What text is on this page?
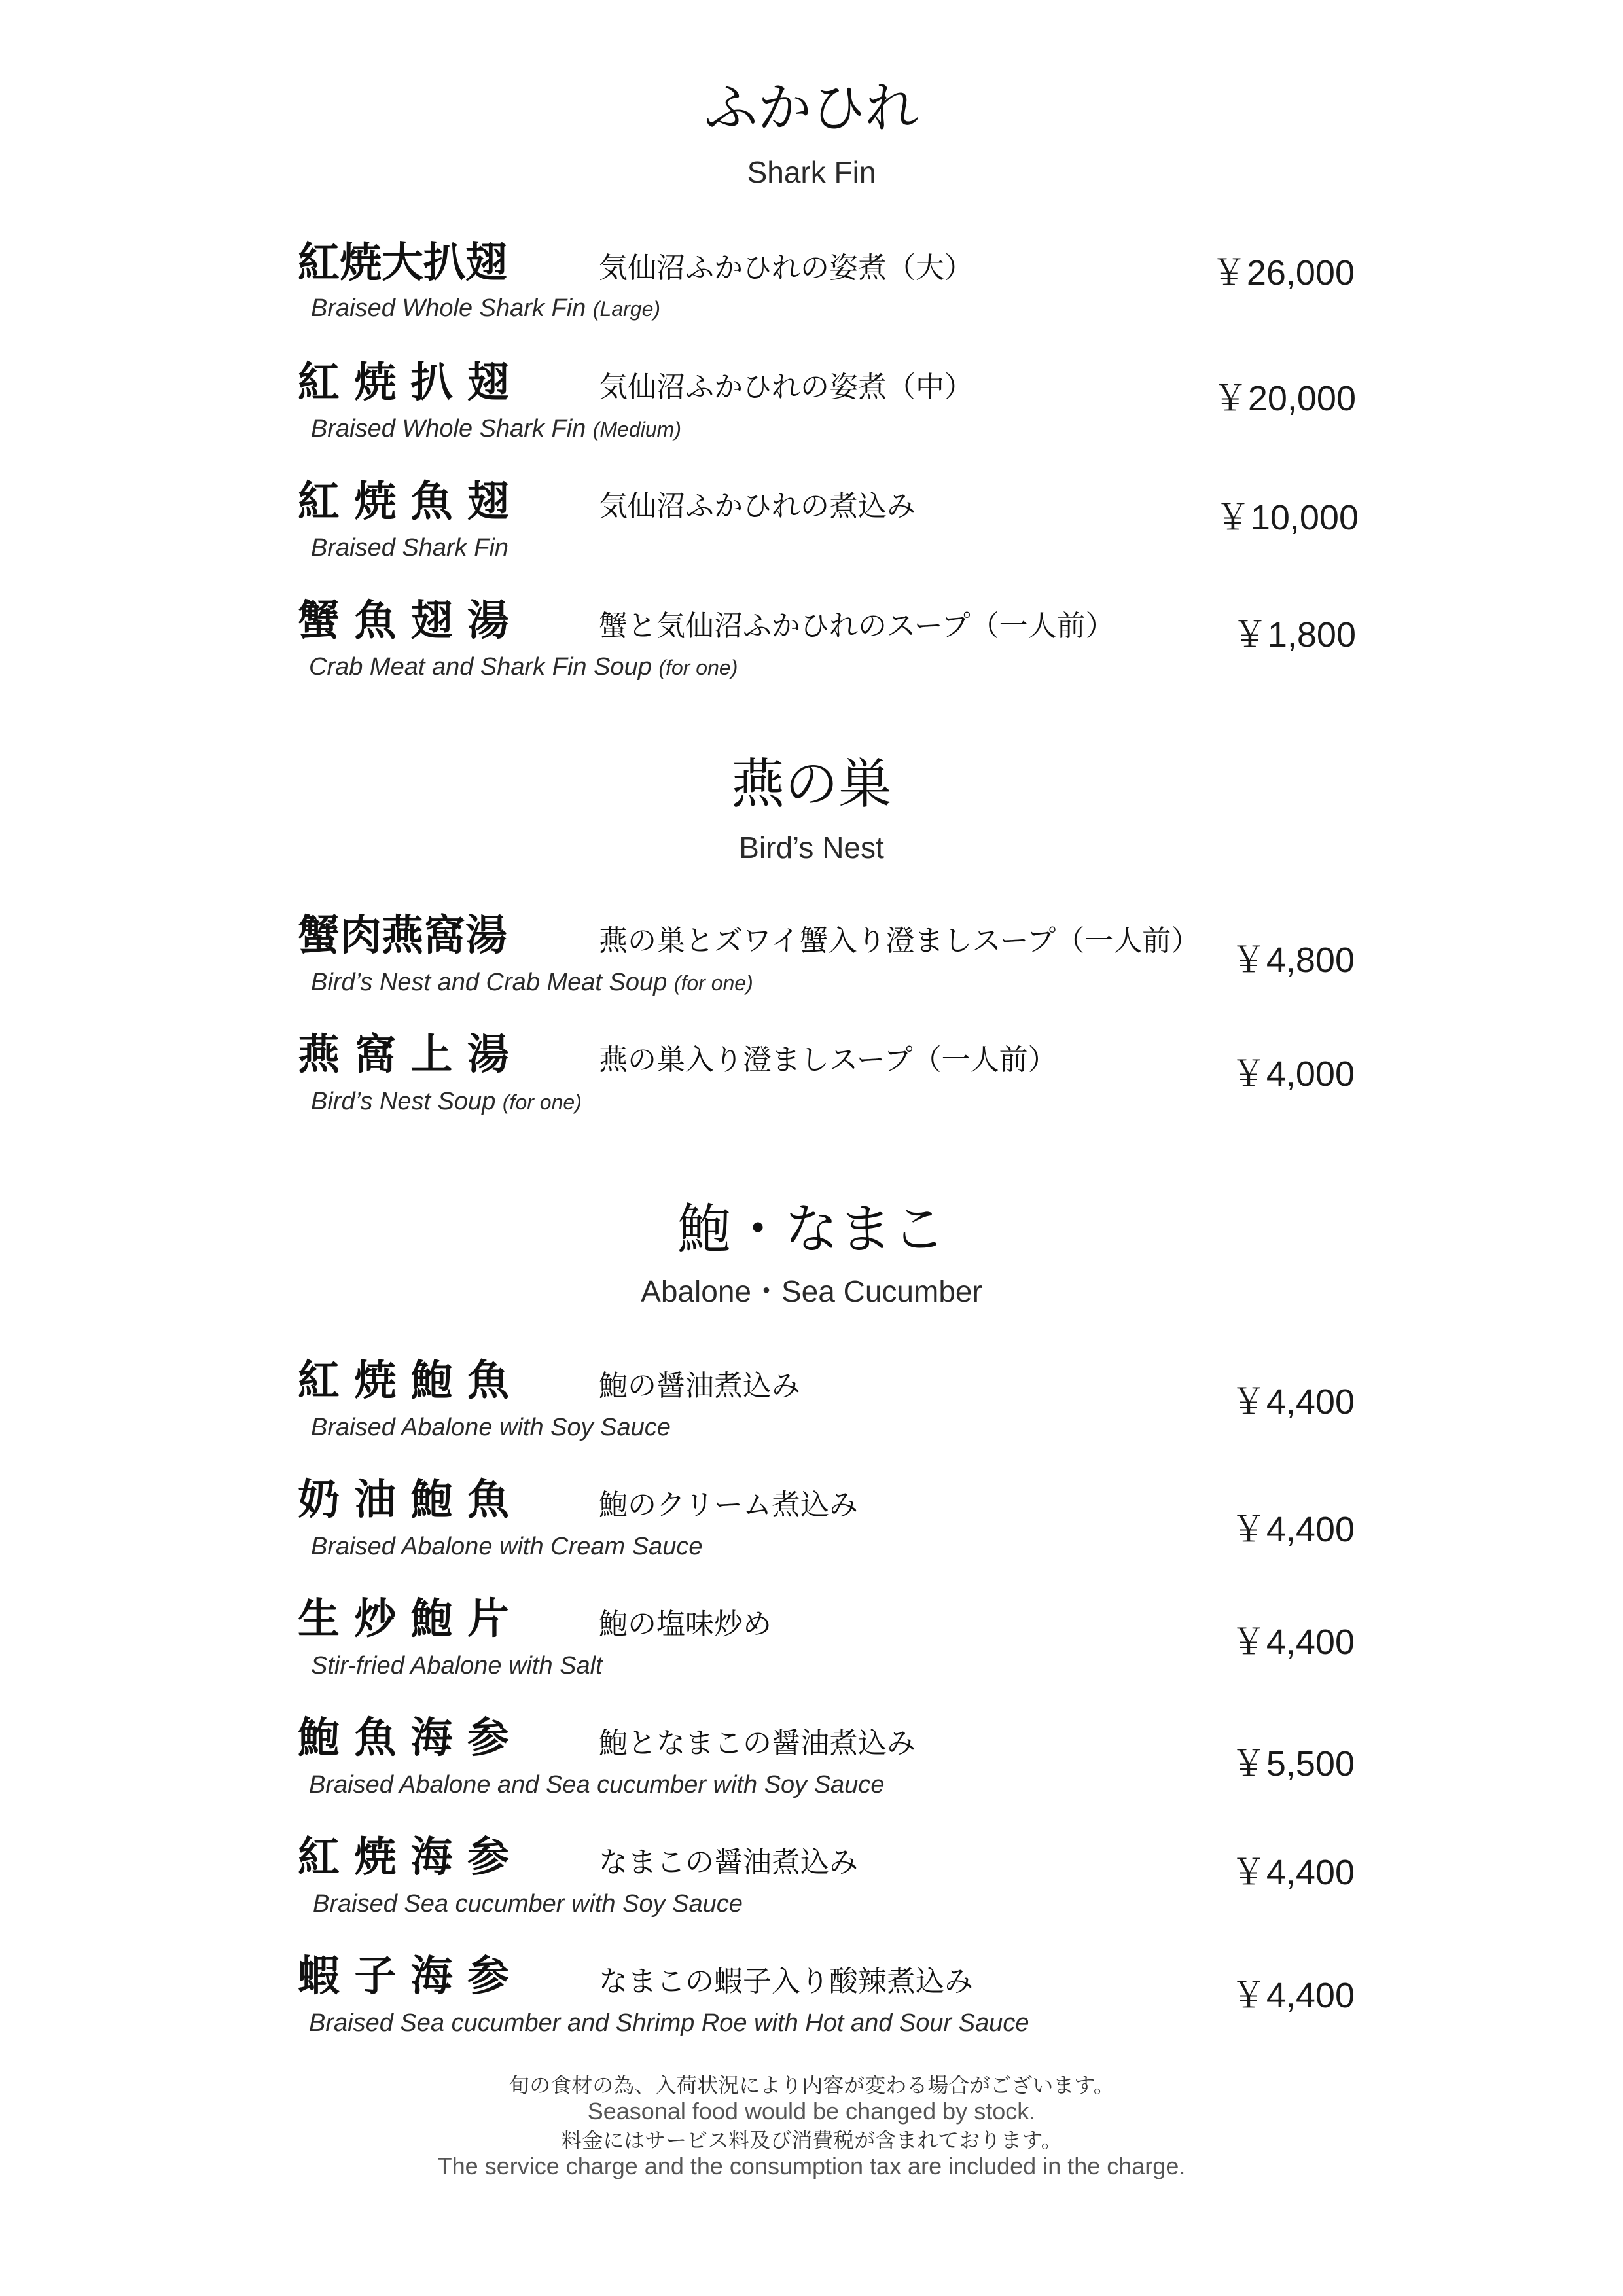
ふかひれ
Shark Fin
紅焼大扒翅	気仙沼ふかひれの姿煮（大）
Braised Whole Shark Fin (Large)
￥26,000
紅 焼 扒 翅	気仙沼ふかひれの姿煮（中）
Braised Whole Shark Fin (Medium)
￥20,000
紅 焼 魚 翅	気仙沼ふかひれの煮込み
Braised Shark Fin
￥10,000
蟹 魚 翅 湯	蟹と気仙沼ふかひれのスープ（一人前）
Crab Meat and Shark Fin Soup (for one)
￥1,800
燕の巣
Bird’s Nest
蟹肉燕窩湯	燕の巣とズワイ蟹入り澄ましスープ（一人前）
Bird’s Nest and Crab Meat Soup (for one)
￥4,800
燕 窩 上 湯	燕の巣入り澄ましスープ（一人前）
Bird’s Nest Soup (for one)
￥4,000
鮑・なまこ
Abalone・Sea Cucumber
紅 焼 鮑 魚	鮑の醤油煮込み
Braised Abalone with Soy Sauce
￥4,400
奶 油 鮑 魚	鮑のクリーム煮込み
Braised Abalone with Cream Sauce	￥4,400
生 炒 鮑 片	鮑の塩味炒め
Stir-fried Abalone with Salt
￥4,400
鮑 魚 海 参	鮑となまこの醤油煮込み
Braised Abalone and Sea cucumber with Soy Sauce
￥5,500
紅 焼 海 参	なまこの醤油煮込み
Braised Sea cucumber with Soy Sauce
￥4,400
蝦 子 海 参	なまこの蝦子入り酸辣煮込み
Braised Sea cucumber and Shrimp Roe with Hot and Sour Sauce
￥4,400
旬の食材の為、入荷状況により内容が変わる場合がございます。
Seasonal food would be changed by stock.
料金にはサービス料及び消費税が含まれております。
The service charge and the consumption tax are included in the charge.
